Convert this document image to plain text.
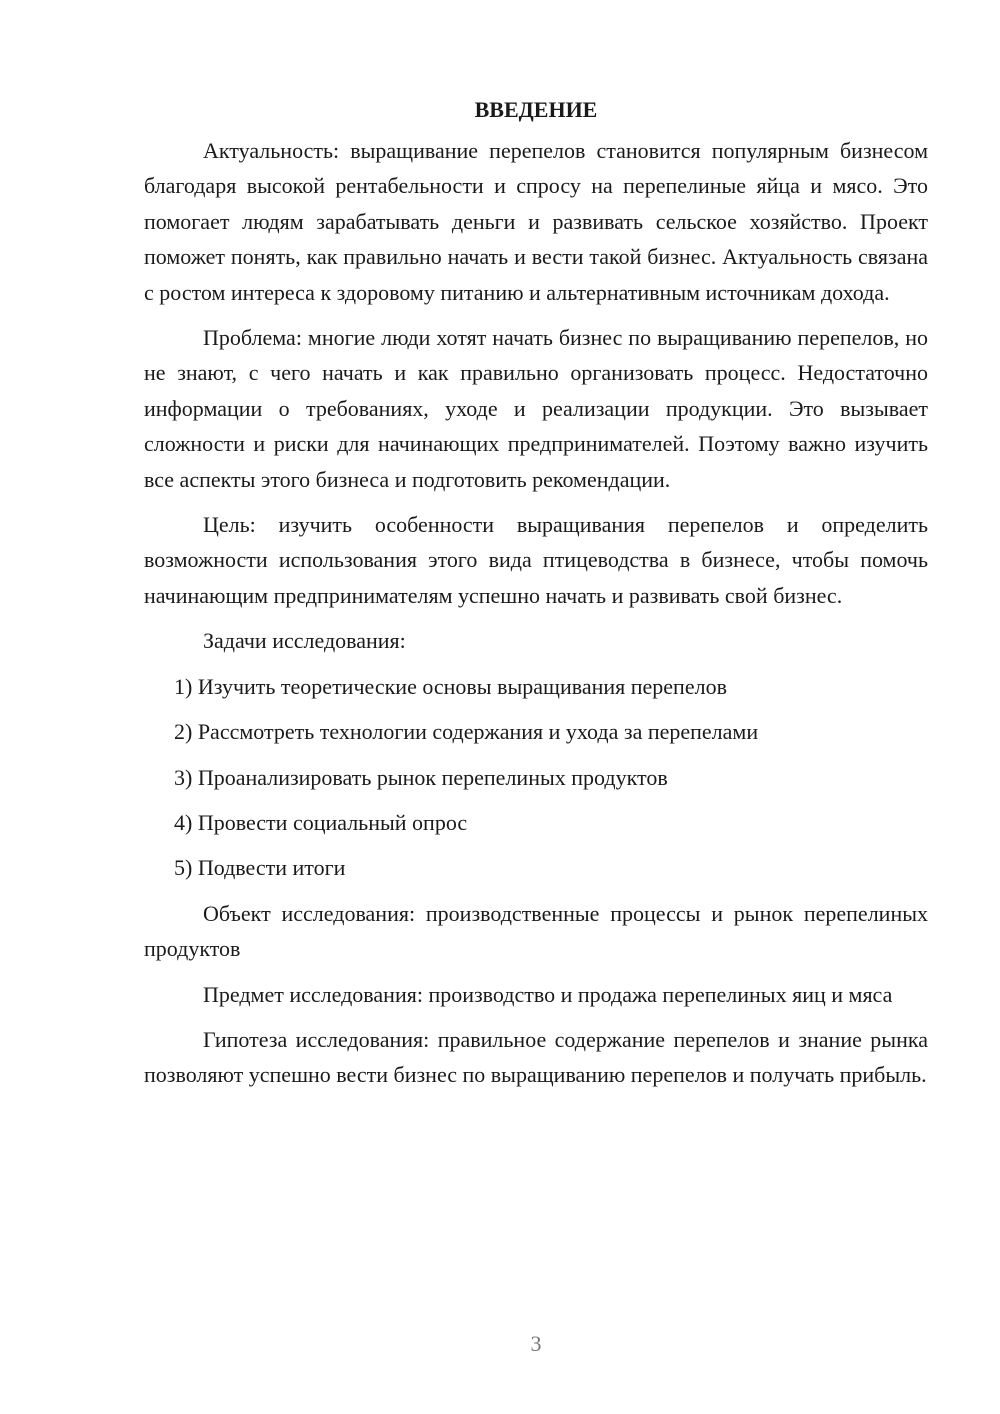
ВВЕДЕНИЕ

Актуальность: выращивание перепелов становится популярным бизнесом благодаря высокой рентабельности и спросу на перепелиные яйца и мясо. Это помогает людям зарабатывать деньги и развивать сельское хозяйство. Проект поможет понять, как правильно начать и вести такой бизнес. Актуальность связана с ростом интереса к здоровому питанию и альтернативным источникам дохода.

Проблема: многие люди хотят начать бизнес по выращиванию перепелов, но не знают, с чего начать и как правильно организовать процесс. Недостаточно информации о требованиях, уходе и реализации продукции. Это вызывает сложности и риски для начинающих предпринимателей. Поэтому важно изучить все аспекты этого бизнеса и подготовить рекомендации.

Цель: изучить особенности выращивания перепелов и определить возможности использования этого вида птицеводства в бизнесе, чтобы помочь начинающим предпринимателям успешно начать и развивать свой бизнес.

Задачи исследования:

1) Изучить теоретические основы выращивания перепелов
2) Рассмотреть технологии содержания и ухода за перепелами
3) Проанализировать рынок перепелиных продуктов
4) Провести социальный опрос
5) Подвести итоги

Объект исследования: производственные процессы и рынок перепелиных продуктов

Предмет исследования: производство и продажа перепелиных яиц и мяса

Гипотеза исследования: правильное содержание перепелов и знание рынка позволяют успешно вести бизнес по выращиванию перепелов и получать прибыль.

3
